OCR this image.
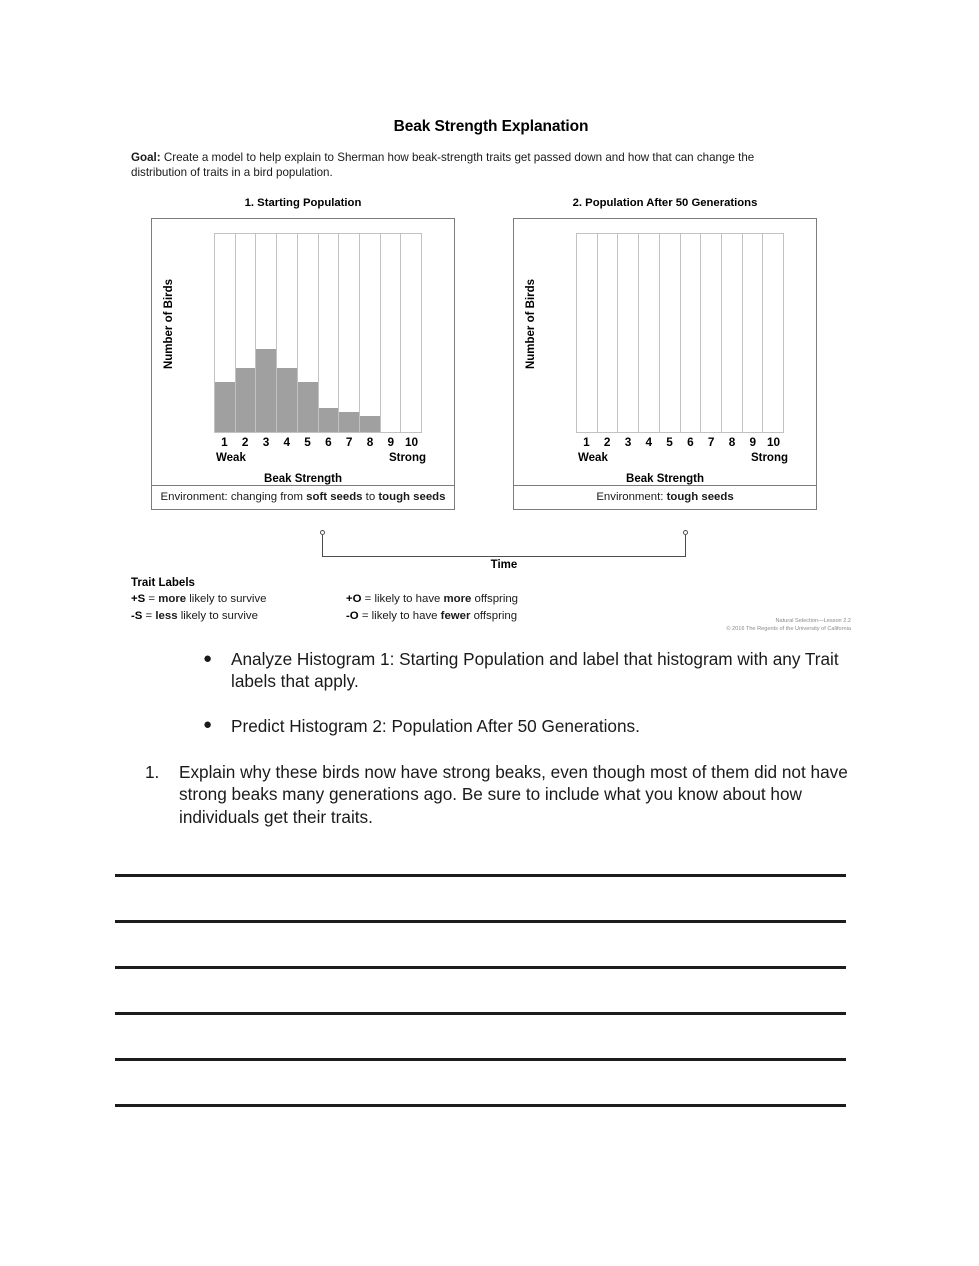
Beak Strength Explanation
Goal: Create a model to help explain to Sherman how beak-strength traits get passed down and how that can change the distribution of traits in a bird population.
1. Starting Population
Number of Birds
1	2	3	4	5	6	7	8	9 10
Weak	Strong
Beak Strength
Environment: changing from soft seeds to tough seeds
2. Population After 50 Generations
Number of Birds
1	2	3	4	5	6	7	8	9 10
Weak	Strong
Beak Strength
Environment: tough seeds
Time
Trait Labels
+S = more likely to survive
-S = less likely to survive
+O = likely to have more offspring
-O = likely to have fewer offspring	Natural Selection—Lesson 2.2
© 2016 The Regents of the University of California
● Analyze Histogram 1: Starting Population and label that histogram with any Trait labels that apply.
● Predict Histogram 2: Population After 50 Generations.
1. Explain why these birds now have strong beaks, even though most of them did not have strong beaks many generations ago. Be sure to include what you know about how individuals get their traits.
